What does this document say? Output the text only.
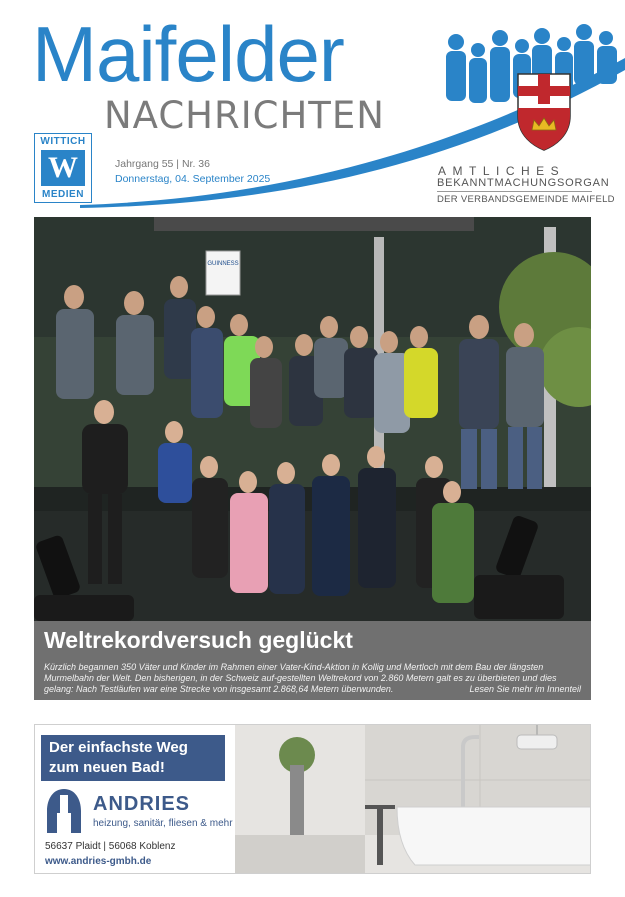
Maifelder
NACHRICHTEN
WITTICH
W
MEDIEN
Jahrgang 55 | Nr. 36
Donnerstag, 04. September 2025
AMTLICHES
BEKANNTMACHUNGSORGAN
DER VERBANDSGEMEINDE MAIFELD
GUINNESS
Weltrekordversuch geglückt
Kürzlich begannen 350 Väter und Kinder im Rahmen einer Vater-Kind-Aktion in Kollig und Mertloch mit dem Bau der längsten Murmelbahn der Welt. Den bisherigen, in der Schweiz auf-gestellten Weltrekord von 2.860 Metern galt es zu überbieten und dies gelang: Nach Testläufen war eine Strecke von insgesamt 2.868,64 Metern überwunden.	Lesen Sie mehr im Innenteil
Der einfachste Weg
zum neuen Bad!
ANDRIES
heizung, sanitär, fliesen & mehr
56637 Plaidt | 56068 Koblenz
www.andries-gmbh.de
